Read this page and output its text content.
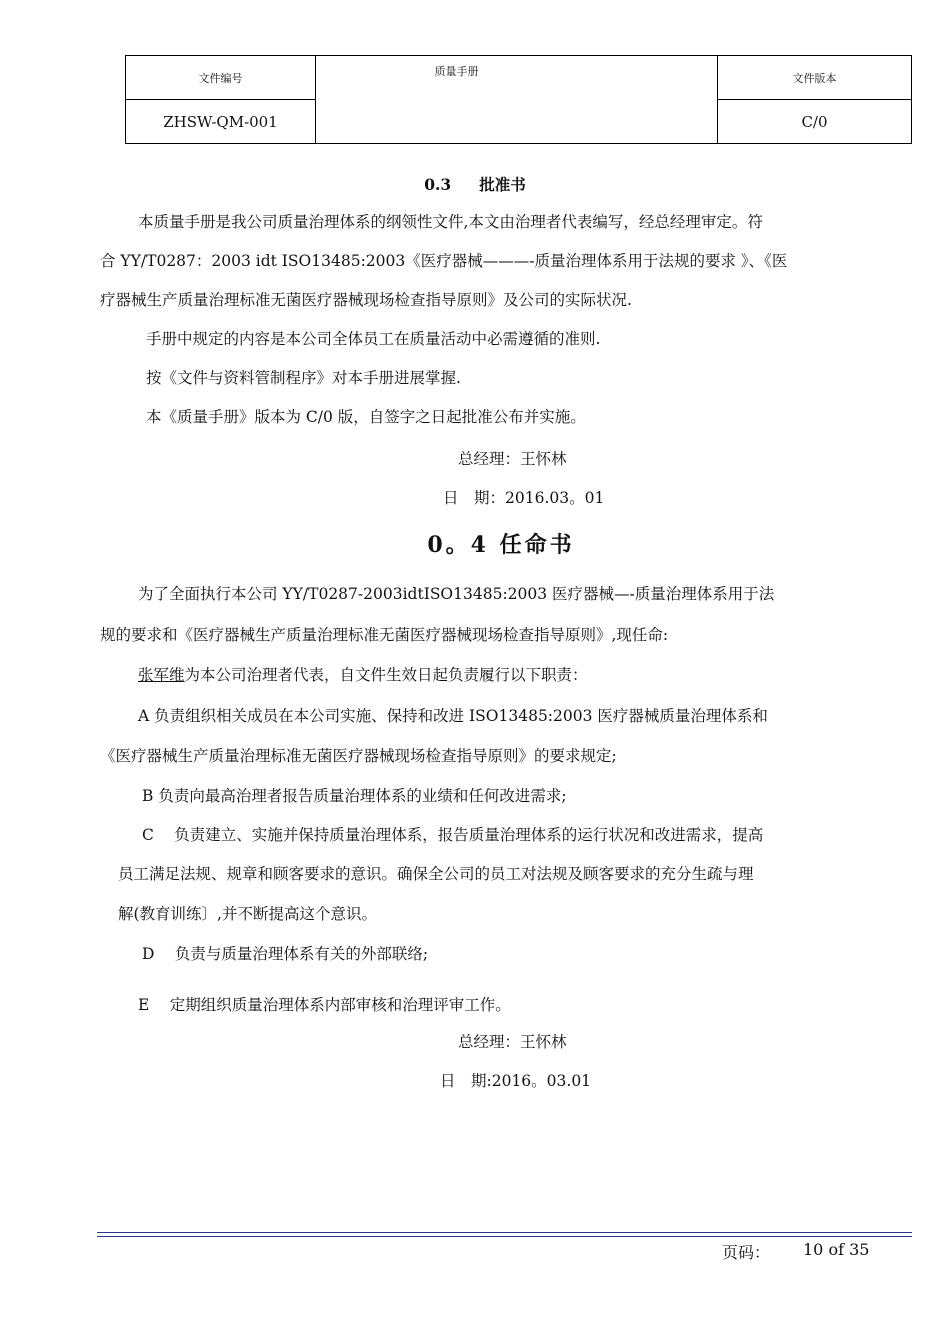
文件编号	质量手册	文件版本
ZHSW-QM-001		C/0
0.3 批准书
本质量手册是我公司质量治理体系的纲领性文件,本文由治理者代表编写，经总经理审定。符
合 YY/T0287：2003 idt ISO13485:2003《医疗器械———-质量治理体系用于法规的要求 》、《医
疗器械生产质量治理标准无菌医疗器械现场检查指导原则》及公司的实际状况.
手册中规定的内容是本公司全体员工在质量活动中必需遵循的准则.
按《文件与资料管制程序》对本手册进展掌握.
本《质量手册》版本为 C/0 版，自签字之日起批准公布并实施。
总经理：王怀林
日　期：2016.03。01
0。4 任命书
为了全面执行本公司 YY/T0287-2003idtISO13485:2003 医疗器械—-质量治理体系用于法
规的要求和《医疗器械生产质量治理标准无菌医疗器械现场检查指导原则》,现任命:
张军维为本公司治理者代表，自文件生效日起负责履行以下职责：
A 负责组织相关成员在本公司实施、保持和改进 ISO13485:2003 医疗器械质量治理体系和
《医疗器械生产质量治理标准无菌医疗器械现场检查指导原则》的要求规定;
B 负责向最高治理者报告质量治理体系的业绩和任何改进需求;
C　 负责建立、实施并保持质量治理体系，报告质量治理体系的运行状况和改进需求，提高
员工满足法规、规章和顾客要求的意识。确保全公司的员工对法规及顾客要求的充分生疏与理
解(教育训练〕,并不断提高这个意识。
D　 负责与质量治理体系有关的外部联络;
E　 定期组织质量治理体系内部审核和治理评审工作。
总经理：王怀林
日　期:2016。03.01
页码： 10 of 35
